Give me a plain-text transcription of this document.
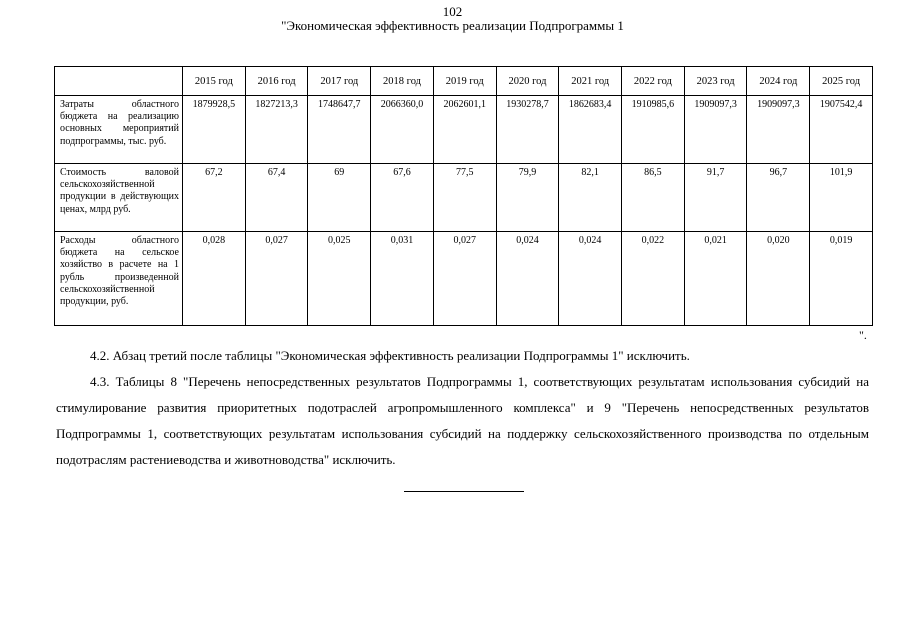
102
"Экономическая эффективность реализации Подпрограммы 1
	2015 год	2016 год	2017 год	2018 год	2019 год	2020 год	2021 год	2022 год	2023 год	2024 год	2025 год
Затраты областного бюджета на реализацию основных мероприятий подпрограммы, тыс. руб.	1879928,5	1827213,3	1748647,7	2066360,0	2062601,1	1930278,7	1862683,4	1910985,6	1909097,3	1909097,3	1907542,4
Стоимость валовой сельскохозяйственной продукции в действующих ценах, млрд руб.	67,2	67,4	69	67,6	77,5	79,9	82,1	86,5	91,7	96,7	101,9
Расходы областного бюджета на сельское хозяйство в расчете на 1 рубль произведенной сельскохозяйственной продукции, руб.	0,028	0,027	0,025	0,031	0,027	0,024	0,024	0,022	0,021	0,020	0,019
".

4.2. Абзац третий после таблицы "Экономическая эффективность реализации Подпрограммы 1" исключить.

4.3. Таблицы 8 "Перечень непосредственных результатов Подпрограммы 1, соответствующих результатам использования субсидий на стимулирование развития приоритетных подотраслей агропромышленного комплекса" и 9 "Перечень непосредственных результатов Подпрограммы 1, соответствующих результатам использования субсидий на поддержку сельскохозяйственного производства по отдельным подотраслям растениеводства и животноводства" исключить.
